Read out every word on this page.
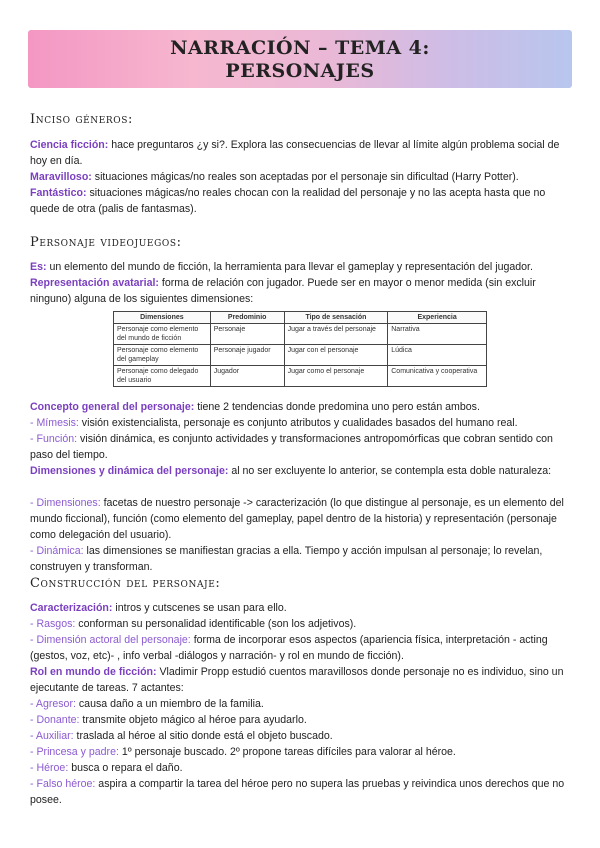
NARRACIÓN – TEMA 4:
PERSONAJES
Inciso géneros:
Ciencia ficción: hace preguntaros ¿y si?. Explora las consecuencias de llevar al límite algún problema social de hoy en día.
Maravilloso: situaciones mágicas/no reales son aceptadas por el personaje sin dificultad (Harry Potter).
Fantástico: situaciones mágicas/no reales chocan con la realidad del personaje y no las acepta hasta que no quede de otra (palis de fantasmas).
Personaje videojuegos:
Es: un elemento del mundo de ficción, la herramienta para llevar el gameplay y representación del jugador.
Representación avatarial: forma de relación con jugador. Puede ser en mayor o menor medida (sin excluir ninguno) alguna de los siguientes dimensiones:
Dimensiones	Predominio	Tipo de sensación	Experiencia
Personaje como elemento del mundo de ficción	Personaje	Jugar a través del personaje	Narrativa
Personaje como elemento del gameplay	Personaje jugador	Jugar con el personaje	Lúdica
Personaje como delegado del usuario	Jugador	Jugar como el personaje	Comunicativa y cooperativa
Concepto general del personaje: tiene 2 tendencias donde predomina uno pero están ambos.
- Mímesis: visión existencialista, personaje es conjunto atributos y cualidades basados del humano real.
- Función: visión dinámica, es conjunto actividades y transformaciones antropomórficas que cobran sentido con paso del tiempo.
Dimensiones y dinámica del personaje: al no ser excluyente lo anterior, se contempla esta doble naturaleza:
- Dimensiones: facetas de nuestro personaje -> caracterización (lo que distingue al personaje, es un elemento del mundo ficcional), función (como elemento del gameplay, papel dentro de la historia) y representación (personaje como delegación del usuario).
- Dinámica: las dimensiones se manifiestan gracias a ella. Tiempo y acción impulsan al personaje; lo revelan, construyen y transforman.
Construcción del personaje:
Caracterización: intros y cutscenes se usan para ello.
- Rasgos: conforman su personalidad identificable (son los adjetivos).
- Dimensión actoral del personaje: forma de incorporar esos aspectos (apariencia física, interpretación - acting (gestos, voz, etc)- , info verbal -diálogos y narración- y rol en mundo de ficción).
Rol en mundo de ficción: Vladimir Propp estudió cuentos maravillosos donde personaje no es individuo, sino un ejecutante de tareas. 7 actantes:
- Agresor: causa daño a un miembro de la familia.
- Donante: transmite objeto mágico al héroe para ayudarlo.
- Auxiliar: traslada al héroe al sitio donde está el objeto buscado.
- Princesa y padre: 1º personaje buscado. 2º propone tareas difíciles para valorar al héroe.
- Héroe: busca o repara el daño.
- Falso héroe: aspira a compartir la tarea del héroe pero no supera las pruebas y reivindica unos derechos que no posee.
